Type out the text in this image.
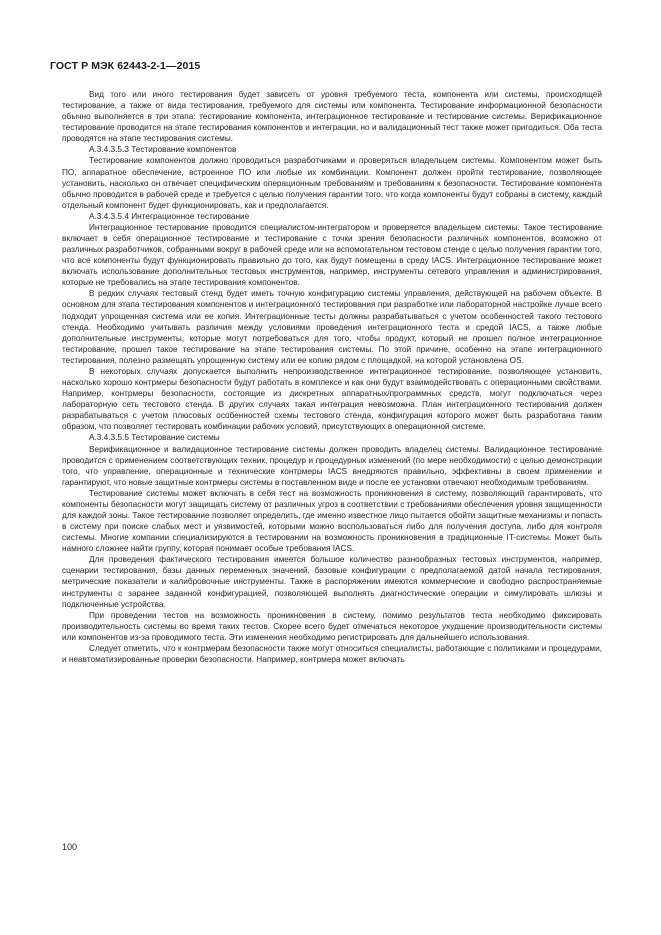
ГОСТ Р МЭК 62443-2-1—2015

Вид того или иного тестирования будет зависеть от уровня требуемого теста, компонента или системы, происходящей тестирование, а также от вида тестирования, требуемого для системы или компонента. Тестирование информационной безопасности обычно выполняется в три этапа: тестирование компонента, интеграционное тестирование и тестирование системы. Верификационное тестирование проводится на этапе тестирования компонентов и интеграции, но и валидационный тест также может пригодиться. Оба теста проводятся на этапе тестирования системы.

A.3.4.3.5.3 Тестирование компонентов

Тестирование компонентов должно проводиться разработчиками и проверяться владельцем системы. Компонентом может быть ПО, аппаратное обеспечение, встроенное ПО или любые их комбинации. Компонент должен пройти тестирование, позволяющее установить, насколько он отвечает специфическим операционным требованиям и требованиям к безопасности. Тестирование компонента обычно проводится в рабочей среде и требуется с целью получения гарантии того, что когда компоненты будут собраны в систему, каждый отдельный компонент будет функционировать, как и предполагается.

A.3.4.3.5.4 Интеграционное тестирование

Интеграционное тестирование проводится специалистом-интегратором и проверяется владельцем системы. Такое тестирование включает в себя операционное тестирование и тестирование с точки зрения безопасности различных компонентов, возможно от различных разработчиков, собранными вокруг в рабочей среде или на вспомогательном тестовом стенде с целью получения гарантии того, что все компоненты будут функционировать правильно до того, как будут помещены в среду IACS. Интеграционное тестирование может включать использование дополнительных тестовых инструментов, например, инструменты сетевого управления и администрирования, которые не требовались на этапе тестирования компонентов.

В редких случаях тестовый стенд будет иметь точную конфигурацию системы управления, действующей на рабочем объекте. В основном для этапа тестирования компонентов и интеграционного тестирования при разработке или лабораторной настройке лучше всего подходит упрощенная система или ее копия. Интеграционные тесты должны разрабатываться с учетом особенностей такого тестового стенда. Необходимо учитывать различия между условиями проведения интеграционного теста и средой IACS, а также любые дополнительные инструменты, которые могут потребоваться для того, чтобы продукт, который не прошел полное интеграционное тестирование, прошел такое тестирование на этапе тестирования системы. По этой причине, особенно на этапе интеграционного тестирования, полезно размещать упрощенную систему или ее копию рядом с площадкой, на которой установлена OS.

В некоторых случаях допускается выполнить непроизводственное интеграционное тестирование, позволяющее установить, насколько хорошо контрмеры безопасности будут работать в комплексе и как они будут взаимодействовать с операционными свойствами. Например, контрмеры безопасности, состоящие из дискретных аппаратных/программных средств, могут подключаться через лабораторную сеть тестового стенда. В других случаях такая интеграция невозможна. План интеграционного тестирования должен разрабатываться с учетом плюсовых особенностей схемы тестового стенда, конфигурация которого может быть разработана таким образом, что позволяет тестировать комбинации рабочих условий, присутствующих в операционной системе.

A.3.4.3.5.5 Тестирование системы

Верификационное и валидационное тестирование системы должен проводить владелец системы. Валидационное тестирование проводится с применением соответствующих техник, процедур и процедурных изменений (по мере необходимости) с целью демонстрации того, что управление, операционные и технические контрмеры IACS внедряются правильно, эффективны в своем применении и гарантируют, что новые защитные контрмеры системы в поставленном виде и после ее установки отвечают необходимым требованиям.

Тестирование системы может включать в себя тест на возможность проникновения в систему, позволяющий гарантировать, что компоненты безопасности могут защищать систему от различных угроз в соответствии с требованиями обеспечения уровня защищенности для каждой зоны. Такое тестирование позволяет определить, где именно известное лицо пытается обойти защитные механизмы и попасть в систему при поиске слабых мест и уязвимостей, которыми можно воспользоваться либо для получения доступа, либо для контроля системы. Многие компании специализируются в тестировании на возможность проникновения в традиционные IT-системы. Может быть намного сложнее найти группу, которая понимает особые требования IACS.

Для проведения фактического тестирования имеется большое количество разнообразных тестовых инструментов, например, сценарии тестирования, базы данных переменных значений, базовые конфигурации с предполагаемой датой начала тестирования, метрические показатели и калибровочные инструменты. Также в распоряжении имеются коммерческие и свободно распространяемые инструменты с заранее заданной конфигурацией, позволяющей выполнять диагностические операции и симулировать шлюзы и подключенные устройства.

При проведении тестов на возможность проникновения в систему, помимо результатов теста необходимо фиксировать производительность системы во время таких тестов. Скорее всего будет отмечаться некоторое ухудшение производительности системы или компонентов из-за проводимого теста. Эти изменения необходимо регистрировать для дальнейшего использования.

Следует отметить, что к контрмерам безопасности также могут относиться специалисты, работающие с политиками и процедурами, и неавтоматизированные проверки безопасности. Например, контрмера может включать

100
